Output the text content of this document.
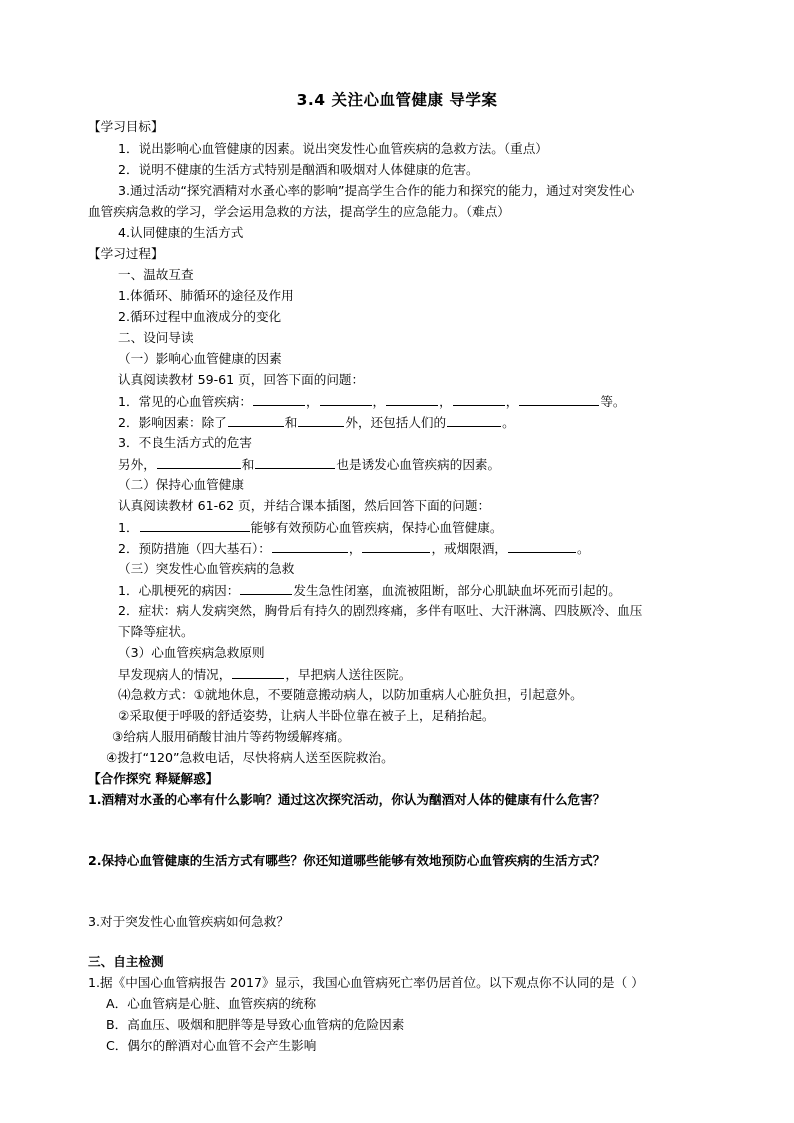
3.4 关注心血管健康 导学案
【学习目标】
1．说出影响心血管健康的因素。说出突发性心血管疾病的急救方法。（重点）
2．说明不健康的生活方式特别是酗酒和吸烟对人体健康的危害。
3.通过活动“探究酒精对水蚤心率的影响”提高学生合作的能力和探究的能力，通过对突发性心
血管疾病急救的学习，学会运用急救的方法，提高学生的应急能力。（难点）
4.认同健康的生活方式
【学习过程】
一、温故互查
1.体循环、肺循环的途径及作用
2.循环过程中血液成分的变化
二、设问导读
（一）影响心血管健康的因素
认真阅读教材 59-61 页，回答下面的问题：
1．常见的心血管疾病：	，	，	，	，	等。
2．影响因素：除了	和	外，还包括人们的	。
3．不良生活方式的危害
另外，	和	也是诱发心血管疾病的因素。
（二）保持心血管健康
认真阅读教材 61-62 页，并结合课本插图，然后回答下面的问题：
1．	能够有效预防心血管疾病，保持心血管健康。
2．预防措施（四大基石）：	，	，戒烟限酒，	。
（三）突发性心血管疾病的急救
1．心肌梗死的病因：	发生急性闭塞，血流被阻断，部分心肌缺血坏死而引起的。
2．症状：病人发病突然，胸骨后有持久的剧烈疼痛，多伴有呕吐、大汗淋漓、四肢厥冷、血压
下降等症状。
（3）心血管疾病急救原则
早发现病人的情况，	，早把病人送往医院。
⑷急救方式：①就地休息，不要随意搬动病人，以防加重病人心脏负担，引起意外。
②采取便于呼吸的舒适姿势，让病人半卧位靠在被子上，足稍抬起。
③给病人服用硝酸甘油片等药物缓解疼痛。
④拨打“120”急救电话，尽快将病人送至医院救治。
【合作探究 释疑解惑】
1.酒精对水蚤的心率有什么影响？通过这次探究活动，你认为酗酒对人体的健康有什么危害？
2.保持心血管健康的生活方式有哪些？你还知道哪些能够有效地预防心血管疾病的生活方式？
3.对于突发性心血管疾病如何急救？
三、自主检测
1.据《中国心血管病报告 2017》显示，我国心血管病死亡率仍居首位。以下观点你不认同的是（ ）
A．心血管病是心脏、血管疾病的统称
B．高血压、吸烟和肥胖等是导致心血管病的危险因素
C．偶尔的醉酒对心血管不会产生影响
